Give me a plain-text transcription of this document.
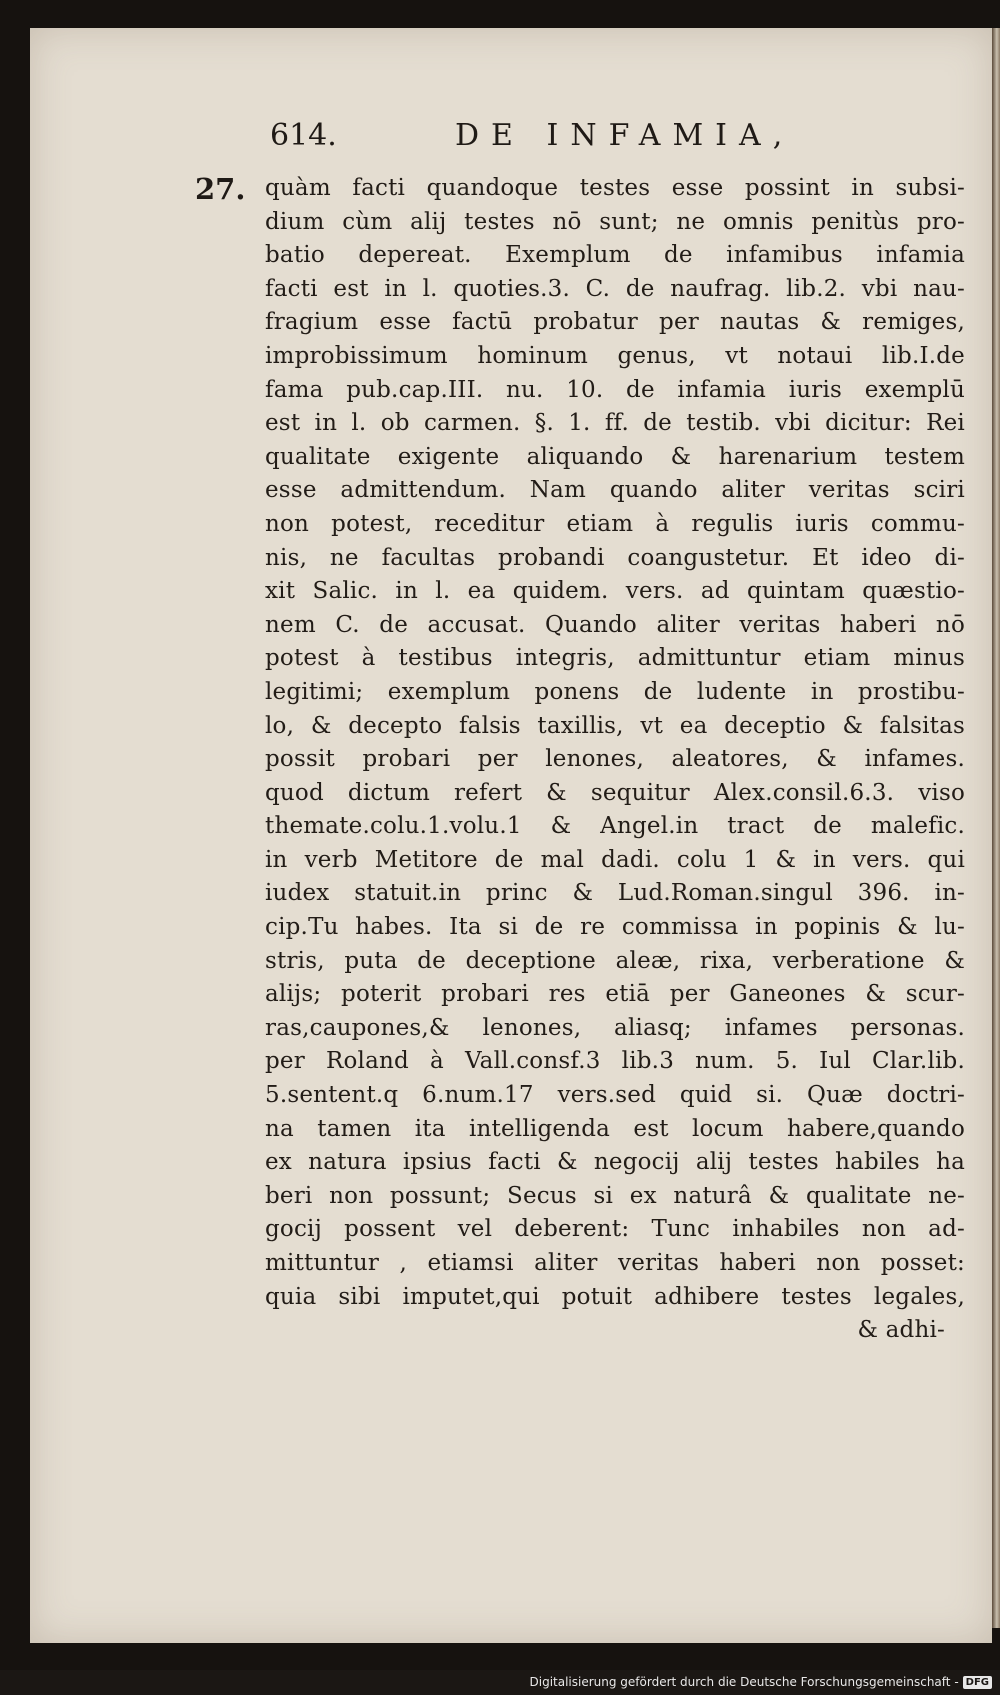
614.	DE INFAMIA,
27. quàm facti quandoque testes esse possint in subsi-
dium cùm alij testes nō sunt; ne omnis penitùs pro-
batio depereat. Exemplum de infamibus infamia
facti est in l. quoties.3. C. de naufrag. lib.2. vbi nau-
fragium esse factū probatur per nautas & remiges,
improbissimum hominum genus, vt notaui lib.I.de
fama pub.cap.III. nu. 10. de infamia iuris exemplū
est in l. ob carmen. §. 1. ff. de testib. vbi dicitur: Rei
qualitate exigente aliquando & harenarium testem
esse admittendum. Nam quando aliter veritas sciri
non potest, receditur etiam à regulis iuris commu-
nis, ne facultas probandi coangustetur. Et ideo di-
xit Salic. in l. ea quidem. vers. ad quintam quæstio-
nem C. de accusat. Quando aliter veritas haberi nō
potest à testibus integris, admittuntur etiam minus
legitimi; exemplum ponens de ludente in prostibu-
lo, & decepto falsis taxillis, vt ea deceptio & falsitas
possit probari per lenones, aleatores, & infames.
quod dictum refert & sequitur Alex.consil.6.3. viso
themate.colu.1.volu.1 & Angel.in tract de malefic.
in verb Metitore de mal dadi. colu 1 & in vers. qui
iudex statuit.in princ & Lud.Roman.singul 396. in-
cip.Tu habes. Ita si de re commissa in popinis & lu-
stris, puta de deceptione aleæ, rixa, verberatione &
alijs; poterit probari res etiā per Ganeones & scur-
ras,caupones,& lenones, aliasq; infames personas.
per Roland à Vall.consf.3 lib.3 num. 5. Iul Clar.lib.
5.sentent.q 6.num.17 vers.sed quid si. Quæ doctri-
na tamen ita intelligenda est locum habere,quando
ex natura ipsius facti & negocij alij testes habiles ha
beri non possunt; Secus si ex naturâ & qualitate ne-
gocij possent vel deberent: Tunc inhabiles non ad-
mittuntur , etiamsi aliter veritas haberi non posset:
quia sibi imputet,qui potuit adhibere testes legales,
& adhi-
Digitalisierung gefördert durch die Deutsche Forschungsgemeinschaft - DFG
